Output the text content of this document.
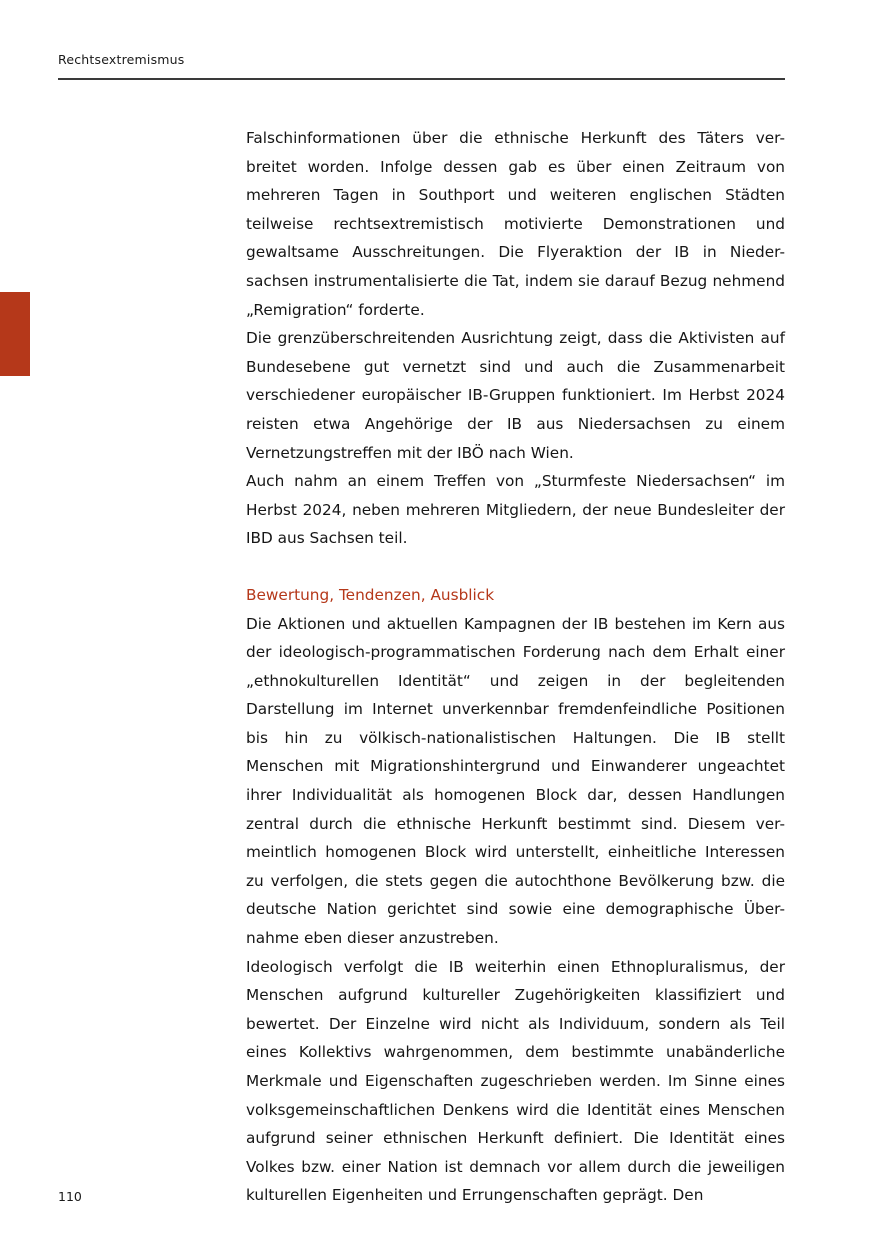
Rechtsextremismus

Falschinformationen über die ethnische Herkunft des Täters ver-breitet worden. Infolge dessen gab es über einen Zeitraum von mehreren Tagen in Southport und weiteren englischen Städten teilweise rechtsextremistisch motivierte Demonstrationen und gewaltsame Ausschreitungen. Die Flyeraktion der IB in Nieder-sachsen instrumentalisierte die Tat, indem sie darauf Bezug nehmend „Remigration“ forderte.

Die grenzüberschreitenden Ausrichtung zeigt, dass die Aktivisten auf Bundesebene gut vernetzt sind und auch die Zusammenarbeit verschiedener europäischer IB-Gruppen funktioniert. Im Herbst 2024 reisten etwa Angehörige der IB aus Niedersachsen zu einem Vernetzungstreffen mit der IBÖ nach Wien.

Auch nahm an einem Treffen von „Sturmfeste Niedersachsen“ im Herbst 2024, neben mehreren Mitgliedern, der neue Bundesleiter der IBD aus Sachsen teil.

Bewertung, Tendenzen, Ausblick

Die Aktionen und aktuellen Kampagnen der IB bestehen im Kern aus der ideologisch-programmatischen Forderung nach dem Erhalt einer „ethnokulturellen Identität“ und zeigen in der begleitenden Darstellung im Internet unverkennbar fremdenfeindliche Positionen bis hin zu völkisch-nationalistischen Haltungen. Die IB stellt Menschen mit Migrationshintergrund und Einwanderer ungeachtet ihrer Individualität als homogenen Block dar, dessen Handlungen zentral durch die ethnische Herkunft bestimmt sind. Diesem ver-meintlich homogenen Block wird unterstellt, einheitliche Interessen zu verfolgen, die stets gegen die autochthone Bevölkerung bzw. die deutsche Nation gerichtet sind sowie eine demographische Über-nahme eben dieser anzustreben.

Ideologisch verfolgt die IB weiterhin einen Ethnopluralismus, der Menschen aufgrund kultureller Zugehörigkeiten klassifiziert und bewertet. Der Einzelne wird nicht als Individuum, sondern als Teil eines Kollektivs wahrgenommen, dem bestimmte unabänderliche Merkmale und Eigenschaften zugeschrieben werden. Im Sinne eines volksgemeinschaftlichen Denkens wird die Identität eines Menschen aufgrund seiner ethnischen Herkunft definiert. Die Identität eines Volkes bzw. einer Nation ist demnach vor allem durch die jeweiligen kulturellen Eigenheiten und Errungenschaften geprägt. Den

110
